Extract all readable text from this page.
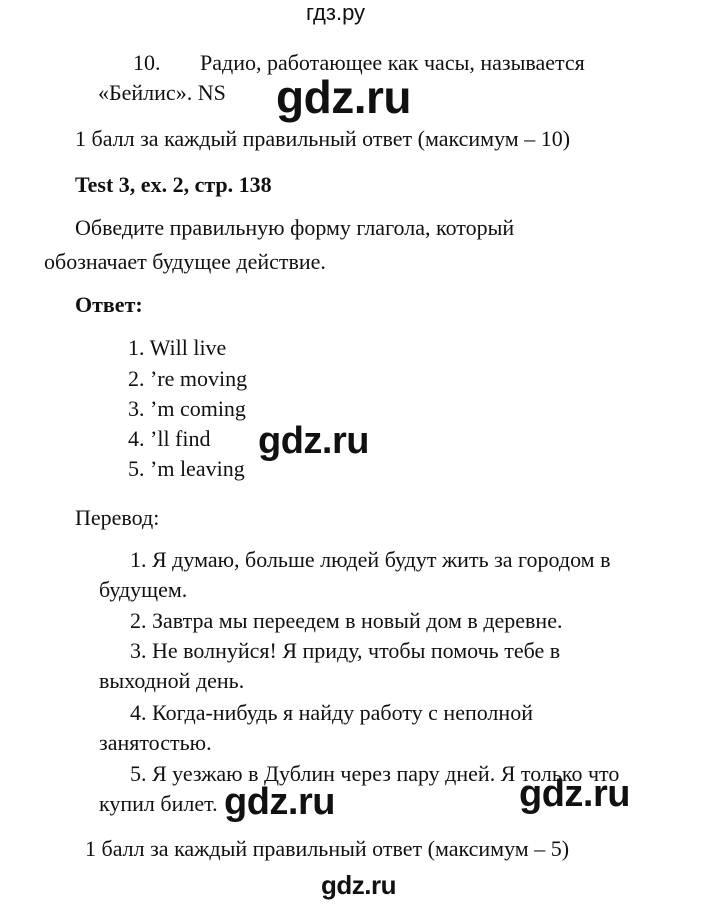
гдз.ру
10. Радио, работающее как часы, называется
«Бейлис». NS gdz.ru
1 балл за каждый правильный ответ (максимум – 10)
Test 3, ex. 2, стр. 138
Обведите правильную форму глагола, который
обозначает будущее действие.
Ответ:
1. Will live
2. ’re moving
3. ’m coming
4. ’ll find
5. ’m leaving
gdz.ru
Перевод:
1. Я думаю, больше людей будут жить за городом в
будущем.
2. Завтра мы переедем в новый дом в деревне.
3. Не волнуйся! Я приду, чтобы помочь тебе в
выходной день.
4. Когда-нибудь я найду работу с неполной
занятостью.
5. Я уезжаю в Дублин через пару дней. Я только что
купил билет. gdz.ru	gdz.ru
1 балл за каждый правильный ответ (максимум – 5)
gdz.ru
